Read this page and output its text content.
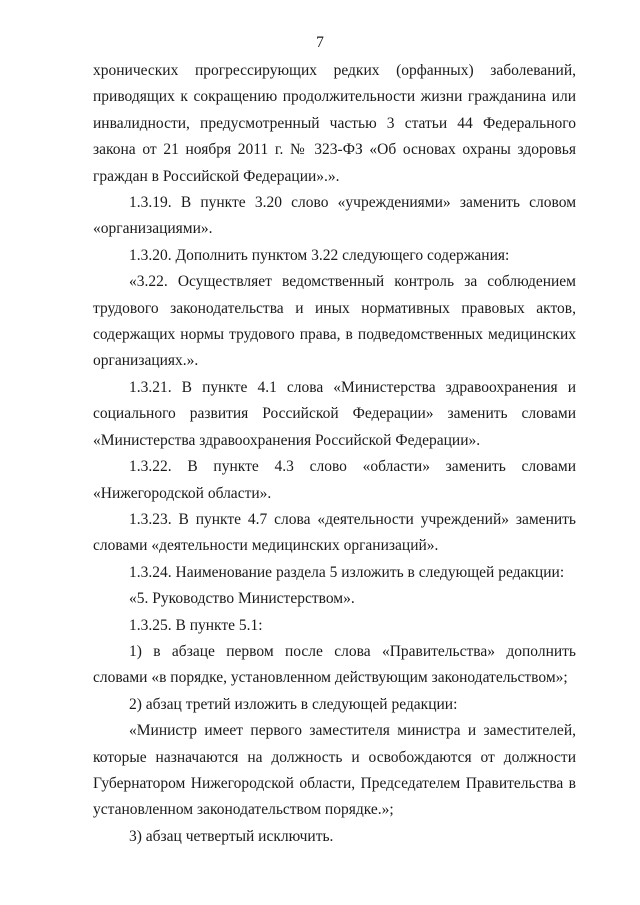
7

хронических прогрессирующих редких (орфанных) заболеваний, приводящих к сокращению продолжительности жизни гражданина или инвалидности, предусмотренный частью 3 статьи 44 Федерального закона от 21 ноября 2011 г. № 323-ФЗ «Об основах охраны здоровья граждан в Российской Федерации».».

1.3.19. В пункте 3.20 слово «учреждениями» заменить словом «организациями».

1.3.20. Дополнить пунктом 3.22 следующего содержания:

«3.22. Осуществляет ведомственный контроль за соблюдением трудового законодательства и иных нормативных правовых актов, содержащих нормы трудового права, в подведомственных медицинских организациях.».

1.3.21. В пункте 4.1 слова «Министерства здравоохранения и социального развития Российской Федерации» заменить словами «Министерства здравоохранения Российской Федерации».

1.3.22. В пункте 4.3 слово «области» заменить словами «Нижегородской области».

1.3.23. В пункте 4.7 слова «деятельности учреждений» заменить словами «деятельности медицинских организаций».

1.3.24. Наименование раздела 5 изложить в следующей редакции:

«5. Руководство Министерством».

1.3.25. В пункте 5.1:

1) в абзаце первом после слова «Правительства» дополнить словами «в порядке, установленном действующим законодательством»;

2) абзац третий изложить в следующей редакции:

«Министр имеет первого заместителя министра и заместителей, которые назначаются на должность и освобождаются от должности Губернатором Нижегородской области, Председателем Правительства в установленном законодательством порядке.»;

3) абзац четвертый исключить.
